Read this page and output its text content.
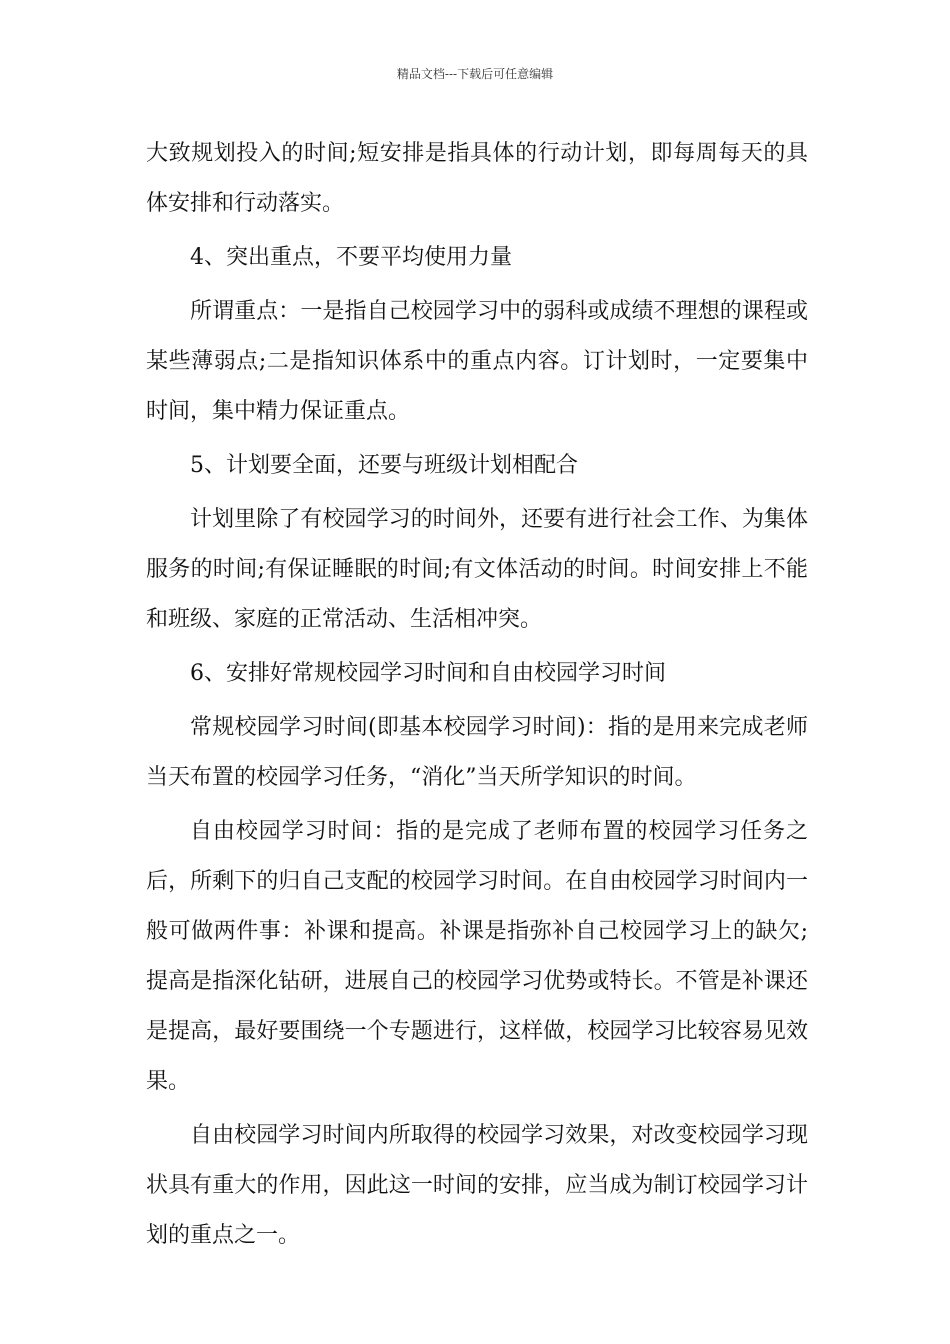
精品文档---下载后可任意编辑

大致规划投入的时间;短安排是指具体的行动计划，即每周每天的具体安排和行动落实。

4、突出重点，不要平均使用力量

所谓重点：一是指自己校园学习中的弱科或成绩不理想的课程或某些薄弱点;二是指知识体系中的重点内容。订计划时，一定要集中时间，集中精力保证重点。

5、计划要全面，还要与班级计划相配合

计划里除了有校园学习的时间外，还要有进行社会工作、为集体服务的时间;有保证睡眠的时间;有文体活动的时间。时间安排上不能和班级、家庭的正常活动、生活相冲突。

6、安排好常规校园学习时间和自由校园学习时间

常规校园学习时间(即基本校园学习时间)：指的是用来完成老师当天布置的校园学习任务，“消化”当天所学知识的时间。

自由校园学习时间：指的是完成了老师布置的校园学习任务之后，所剩下的归自己支配的校园学习时间。在自由校园学习时间内一般可做两件事：补课和提高。补课是指弥补自己校园学习上的缺欠;提高是指深化钻研，进展自己的校园学习优势或特长。不管是补课还是提高，最好要围绕一个专题进行，这样做，校园学习比较容易见效果。

自由校园学习时间内所取得的校园学习效果，对改变校园学习现状具有重大的作用，因此这一时间的安排，应当成为制订校园学习计划的重点之一。
